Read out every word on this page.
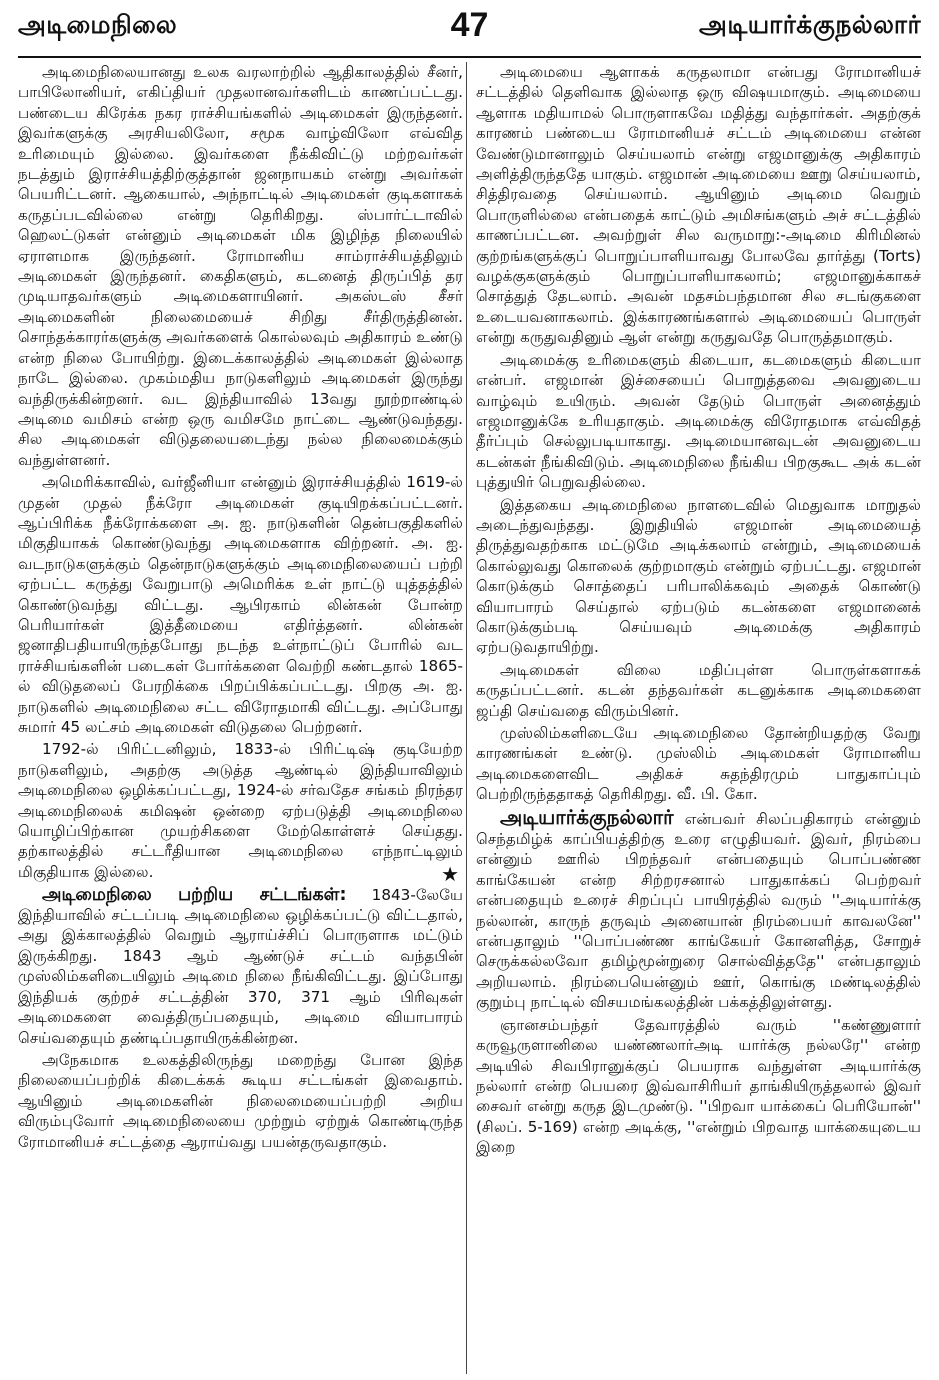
அடிமைநிலை	47	அடியார்க்குநல்லார்

அடிமைநிலையானது உலக வரலாற்றில் ஆதிகாலத்தில் சீனர், பாபிலோனியர், எகிப்தியர் முதலானவர்களிடம் காணப்பட்டது. பண்டைய கிரேக்க நகர ராச்சியங்களில் அடிமைகள் இருந்தனர். இவர்களுக்கு அரசியலிலோ, சமூக வாழ்விலோ எவ்வித உரிமையும் இல்லை. இவர்களை நீக்கிவிட்டு மற்றவர்கள் நடத்தும் இராச்சியத்திற்குத்தான் ஜனநாயகம் என்று அவர்கள் பெயரிட்டனர். ஆகையால், அந்நாட்டில் அடிமைகள் குடிகளாகக் கருதப்படவில்லை என்று தெரிகிறது. ஸ்பார்ட்டாவில் ஹெலட்டுகள் என்னும் அடிமைகள் மிக இழிந்த நிலையில் ஏராளமாக இருந்தனர். ரோமானிய சாம்ராச்சியத்திலும் அடிமைகள் இருந்தனர். கைதிகளும், கடனைத் திருப்பித் தர முடியாதவர்களும் அடிமைகளாயினர். அகஸ்டஸ் சீசர் அடிமைகளின் நிலைமையைச் சிறிது சீர்திருத்தினன். சொந்தக்காரர்களுக்கு அவர்களைக் கொல்லவும் அதிகாரம் உண்டு என்ற நிலை போயிற்று. இடைக்காலத்தில் அடிமைகள் இல்லாத நாடே இல்லை. முகம்மதிய நாடுகளிலும் அடிமைகள் இருந்து வந்திருக்கின்றனர். வட இந்தியாவில் 13வது நூற்றாண்டில் அடிமை வமிசம் என்ற ஒரு வமிசமே நாட்டை ஆண்டுவந்தது. சில அடிமைகள் விடுதலையடைந்து நல்ல நிலைமைக்கும் வந்துள்ளனர்.

அமெரிக்காவில், வர்ஜீனியா என்னும் இராச்சியத்தில் 1619-ல் முதன் முதல் நீக்ரோ அடிமைகள் குடியிறக்கப்பட்டனர். ஆப்பிரிக்க நீக்ரோக்களை அ. ஐ. நாடுகளின் தென்பகுதிகளில் மிகுதியாகக் கொண்டுவந்து அடிமைகளாக விற்றனர். அ. ஐ. வடநாடுகளுக்கும் தென்நாடுகளுக்கும் அடிமைநிலையைப் பற்றி ஏற்பட்ட கருத்து வேறுபாடு அமெரிக்க உள் நாட்டு யுத்தத்தில் கொண்டுவந்து விட்டது. ஆபிரகாம் லின்கன் போன்ற பெரியார்கள் இத்தீமையை எதிர்த்தனர். லின்கன் ஜனாதிபதியாயிருந்தபோது நடந்த உள்நாட்டுப் போரில் வட ராச்சியங்களின் படைகள் போர்க்களை வெற்றி கண்டதால் 1865-ல் விடுதலைப் பேரறிக்கை பிறப்பிக்கப்பட்டது. பிறகு அ. ஐ. நாடுகளில் அடிமைநிலை சட்ட விரோதமாகி விட்டது. அப்போது சுமார் 45 லட்சம் அடிமைகள் விடுதலை பெற்றனர்.

1792-ல் பிரிட்டனிலும், 1833-ல் பிரிட்டிஷ் குடியேற்ற நாடுகளிலும், அதற்கு அடுத்த ஆண்டில் இந்தியாவிலும் அடிமைநிலை ஒழிக்கப்பட்டது, 1924-ல் சர்வதேச சங்கம் நிரந்தர அடிமைநிலைக் கமிஷன் ஒன்றை ஏற்படுத்தி அடிமைநிலை யொழிப்பிற்கான முயற்சிகளை மேற்கொள்ளச் செய்தது. தற்காலத்தில் சட்டரீதியான அடிமைநிலை எந்நாட்டிலும் மிகுதியாக இல்லை.	★

அடிமைநிலை பற்றிய சட்டங்கள்: 1843-லேயே இந்தியாவில் சட்டப்படி அடிமைநிலை ஒழிக்கப்பட்டு விட்டதால், அது இக்காலத்தில் வெறும் ஆராய்ச்சிப் பொருளாக மட்டும் இருக்கிறது. 1843 ஆம் ஆண்டுச் சட்டம் வந்தபின் முஸ்லிம்களிடையிலும் அடிமை நிலை நீங்கிவிட்டது. இப்போது இந்தியக் குற்றச் சட்டத்தின் 370, 371 ஆம் பிரிவுகள் அடிமைகளை வைத்திருப்பதையும், அடிமை வியாபாரம் செய்வதையும் தண்டிப்பதாயிருக்கின்றன.

அநேகமாக உலகத்திலிருந்து மறைந்து போன இந்த நிலையைப்பற்றிக் கிடைக்கக் கூடிய சட்டங்கள் இவைதாம். ஆயினும் அடிமைகளின் நிலைமையைப்பற்றி அறிய விரும்புவோர் அடிமைநிலையை முற்றும் ஏற்றுக் கொண்டிருந்த ரோமானியச் சட்டத்தை ஆராய்வது பயன்தருவதாகும்.

அடிமையை ஆளாகக் கருதலாமா என்பது ரோமானியச் சட்டத்தில் தெளிவாக இல்லாத ஒரு விஷயமாகும். அடிமையை ஆளாக மதியாமல் பொருளாகவே மதித்து வந்தார்கள். அதற்குக் காரணம் பண்டைய ரோமானியச் சட்டம் அடிமையை என்ன வேண்டுமானாலும் செய்யலாம் என்று எஜமானுக்கு அதிகாரம் அளித்திருந்ததே யாகும். எஜமான் அடிமையை ஊறு செய்யலாம், சித்திரவதை செய்யலாம். ஆயினும் அடிமை வெறும் பொருளில்லை என்பதைக் காட்டும் அமிசங்களும் அச் சட்டத்தில் காணப்பட்டன. அவற்றுள் சில வருமாறு:-அடிமை கிரிமினல் குற்றங்களுக்குப் பொறுப்பாளியாவது போலவே தார்த்து (Torts) வழக்குகளுக்கும் பொறுப்பாளியாகலாம்; எஜமானுக்காகச் சொத்துத் தேடலாம். அவன் மதசம்பந்தமான சில சடங்குகளை உடையவனாகலாம். இக்காரணங்களால் அடிமையைப் பொருள் என்று கருதுவதினும் ஆள் என்று கருதுவதே பொருத்தமாகும்.

அடிமைக்கு உரிமைகளும் கிடையா, கடமைகளும் கிடையா என்பர். எஜமான் இச்சையைப் பொறுத்தவை அவனுடைய வாழ்வும் உயிரும். அவன் தேடும் பொருள் அனைத்தும் எஜமானுக்கே உரியதாகும். அடிமைக்கு விரோதமாக எவ்விதத் தீர்ப்பும் செல்லுபடியாகாது. அடிமையானவுடன் அவனுடைய கடன்கள் நீங்கிவிடும். அடிமைநிலை நீங்கிய பிறகுகூட அக் கடன் புத்துயிர் பெறுவதில்லை.

இத்தகைய அடிமைநிலை நாளடைவில் மெதுவாக மாறுதல் அடைந்துவந்தது. இறுதியில் எஜமான் அடிமையைத் திருத்துவதற்காக மட்டுமே அடிக்கலாம் என்றும், அடிமையைக் கொல்லுவது கொலைக் குற்றமாகும் என்றும் ஏற்பட்டது. எஜமான் கொடுக்கும் சொத்தைப் பரிபாலிக்கவும் அதைக் கொண்டு வியாபாரம் செய்தால் ஏற்படும் கடன்களை எஜமானைக் கொடுக்கும்படி செய்யவும் அடிமைக்கு அதிகாரம் ஏற்படுவதாயிற்று.

அடிமைகள் விலை மதிப்புள்ள பொருள்களாகக் கருதப்பட்டனர். கடன் தந்தவர்கள் கடனுக்காக அடிமைகளை ஜப்தி செய்வதை விரும்பினர்.

முஸ்லிம்களிடையே அடிமைநிலை தோன்றியதற்கு வேறு காரணங்கள் உண்டு. முஸ்லிம் அடிமைகள் ரோமானிய அடிமைகளைவிட அதிகச் சுதந்திரமும் பாதுகாப்பும் பெற்றிருந்ததாகத் தெரிகிறது. வீ. பி. கோ.

அடியார்க்குநல்லார் என்பவர் சிலப்பதிகாரம் என்னும் செந்தமிழ்க் காப்பியத்திற்கு உரை எழுதியவர். இவர், நிரம்பை என்னும் ஊரில் பிறந்தவர் என்பதையும் பொப்பண்ண காங்கேயன் என்ற சிற்றரசனால் பாதுகாக்கப் பெற்றவர் என்பதையும் உரைச் சிறப்புப் பாயிரத்தில் வரும் ''அடியார்க்கு நல்லான், காருந் தருவும் அனையான் நிரம்பையர் காவலனே'' என்பதாலும் ''பொப்பண்ண காங்கேயர் கோனளித்த, சோறுச் செருக்கல்லவோ தமிழ்மூன்றுரை சொல்வித்ததே'' என்பதாலும் அறியலாம். நிரம்பையென்னும் ஊர், கொங்கு மண்டிலத்தில் குறும்பு நாட்டில் விசயமங்கலத்தின் பக்கத்திலுள்ளது.

ஞானசம்பந்தர் தேவாரத்தில் வரும் ''கண்ணுளார் கருவூருளானிலை யண்ணலார்அடி யார்க்கு நல்லரே'' என்ற அடியில் சிவபிரானுக்குப் பெயராக வந்துள்ள அடியார்க்கு நல்லார் என்ற பெயரை இவ்வாசிரியர் தாங்கியிருத்தலால் இவர் சைவர் என்று கருத இடமுண்டு. ''பிறவா யாக்கைப் பெரியோன்'' (சிலப். 5-169) என்ற அடிக்கு, ''என்றும் பிறவாத யாக்கையுடைய இறை
